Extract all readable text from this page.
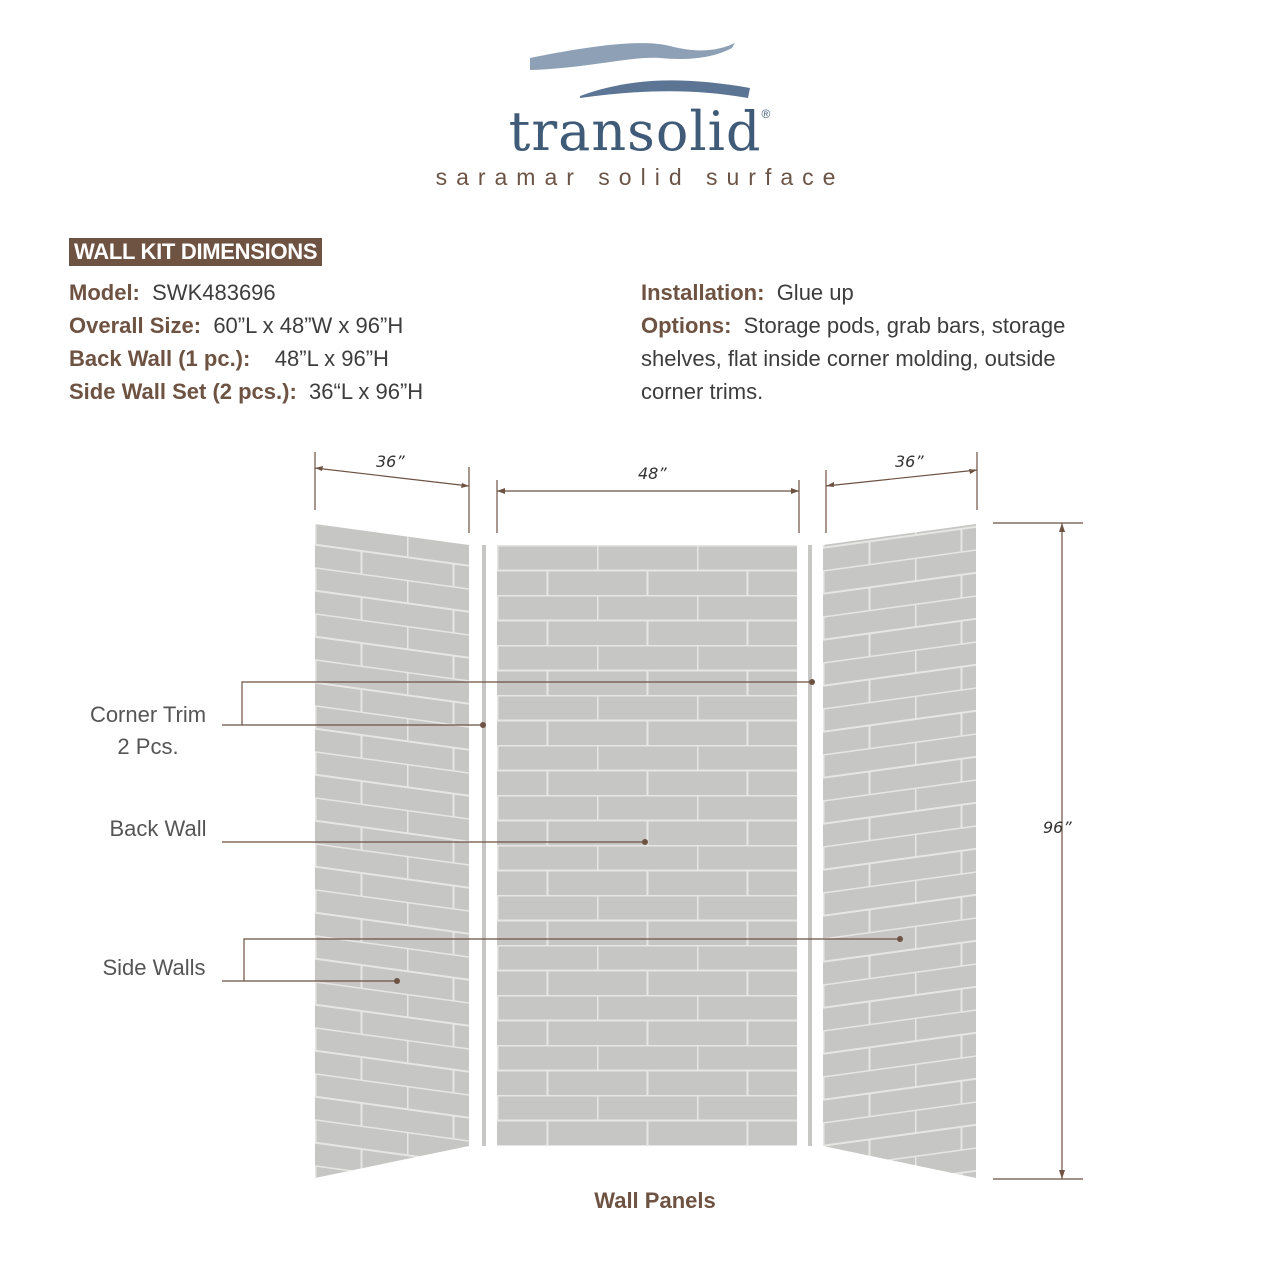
transolid®
saramar solid surface
WALL KIT DIMENSIONS
Model: SWK483696
Overall Size: 60”L x 48”W x 96”H
Back Wall (1 pc.): 48”L x 96”H
Side Wall Set (2 pcs.): 36“L x 96”H
Installation: Glue up
Options: Storage pods, grab bars, storage
shelves, flat inside corner molding, outside
corner trims.
36”
48”
36”
96”
Corner Trim
2 Pcs.
Back Wall
Side Walls
Wall Panels
